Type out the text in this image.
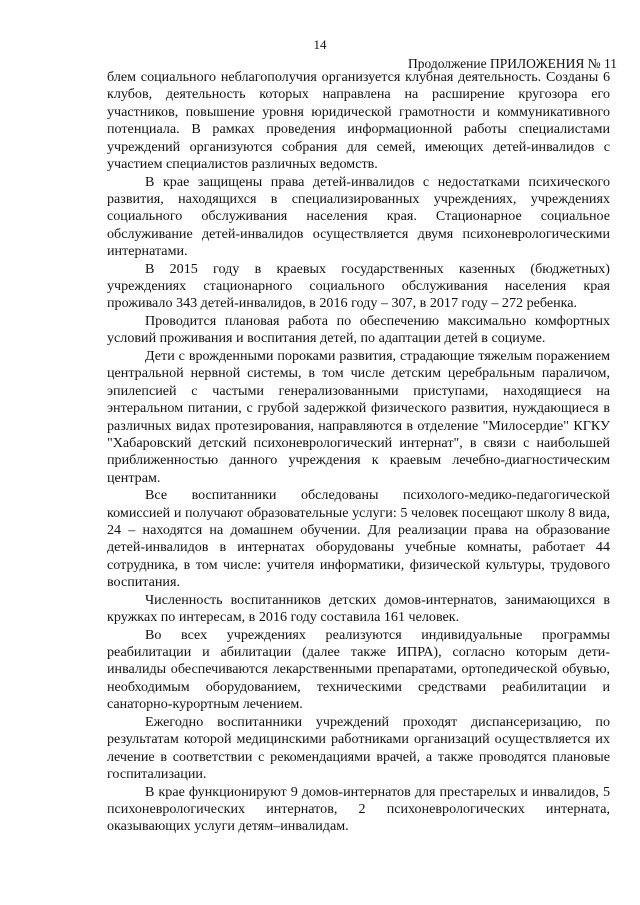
14
Продолжение ПРИЛОЖЕНИЯ № 11

блем социального неблагополучия организуется клубная деятельность. Созданы 6 клубов, деятельность которых направлена на расширение кругозора его участников, повышение уровня юридической грамотности и коммуникативного потенциала. В рамках проведения информационной работы специалистами учреждений организуются собрания для семей, имеющих детей-инвалидов с участием специалистов различных ведомств.

В крае защищены права детей-инвалидов с недостатками психического развития, находящихся в специализированных учреждениях, учреждениях социального обслуживания населения края. Стационарное социальное обслуживание детей-инвалидов осуществляется двумя психоневрологическими интернатами.

В 2015 году в краевых государственных казенных (бюджетных) учреждениях стационарного социального обслуживания населения края проживало 343 детей-инвалидов, в 2016 году – 307, в 2017 году – 272 ребенка.

Проводится плановая работа по обеспечению максимально комфортных условий проживания и воспитания детей, по адаптации детей в социуме.

Дети с врожденными пороками развития, страдающие тяжелым поражением центральной нервной системы, в том числе детским церебральным параличом, эпилепсией с частыми генерализованными приступами, находящиеся на энтеральном питании, с грубой задержкой физического развития, нуждающиеся в различных видах протезирования, направляются в отделение "Милосердие" КГКУ "Хабаровский детский психоневрологический интернат", в связи с наибольшей приближенностью данного учреждения к краевым лечебно-диагностическим центрам.

Все воспитанники обследованы психолого-медико-педагогической комиссией и получают образовательные услуги: 5 человек посещают школу 8 вида, 24 – находятся на домашнем обучении. Для реализации права на образование детей-инвалидов в интернатах оборудованы учебные комнаты, работает 44 сотрудника, в том числе: учителя информатики, физической культуры, трудового воспитания.

Численность воспитанников детских домов-интернатов, занимающихся в кружках по интересам, в 2016 году составила 161 человек.

Во всех учреждениях реализуются индивидуальные программы реабилитации и абилитации (далее также ИПРА), согласно которым дети-инвалиды обеспечиваются лекарственными препаратами, ортопедической обувью, необходимым оборудованием, техническими средствами реабилитации и санаторно-курортным лечением.

Ежегодно воспитанники учреждений проходят диспансеризацию, по результатам которой медицинскими работниками организаций осуществляется их лечение в соответствии с рекомендациями врачей, а также проводятся плановые госпитализации.

В крае функционируют 9 домов-интернатов для престарелых и инвалидов, 5 психоневрологических интернатов, 2 психоневрологических интерната, оказывающих услуги детям–инвалидам.
